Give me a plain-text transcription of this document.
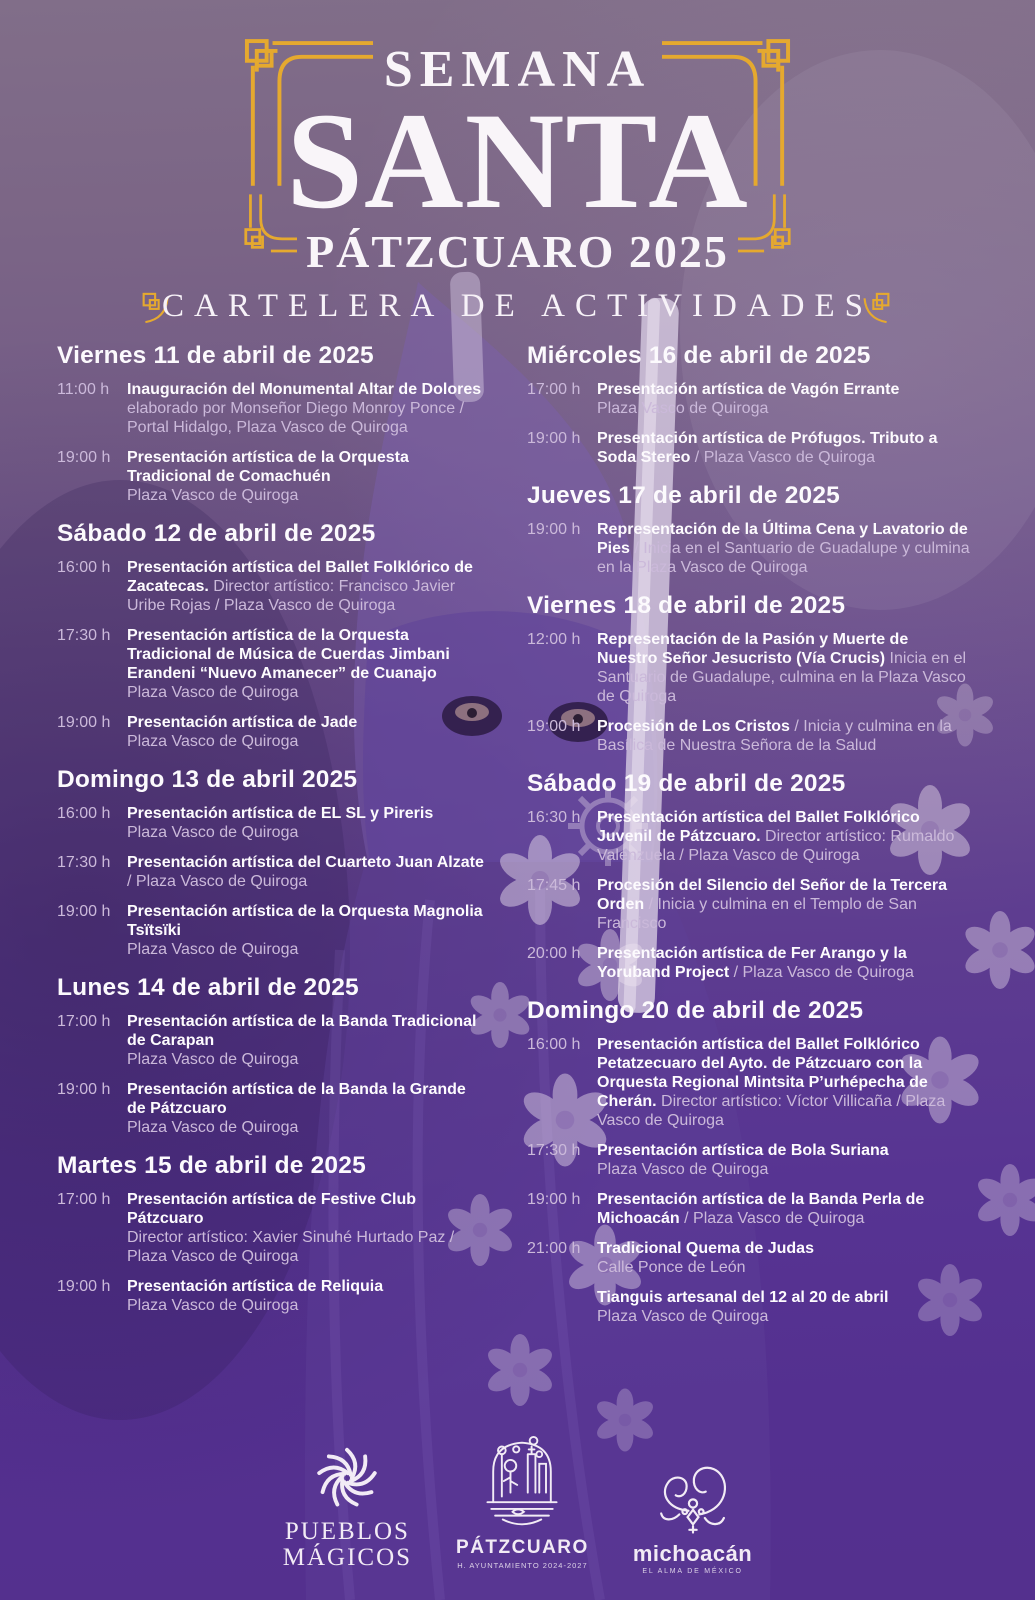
SEMANA
SANTA
PÁTZCUARO 2025
CARTELERA DE ACTIVIDADES
Viernes 11 de abril de 2025
11:00 h	Inauguración del Monumental Altar de Dolores elaborado por Monseñor Diego Monroy Ponce / Portal Hidalgo, Plaza Vasco de Quiroga
19:00 h	Presentación artística de la Orquesta Tradicional de Comachuén
Plaza Vasco de Quiroga
Sábado 12 de abril de 2025
16:00 h	Presentación artística del Ballet Folklórico de Zacatecas. Director artístico: Francisco Javier Uribe Rojas / Plaza Vasco de Quiroga
17:30 h	Presentación artística de la Orquesta Tradicional de Música de Cuerdas Jimbani Erandeni “Nuevo Amanecer” de Cuanajo
Plaza Vasco de Quiroga
19:00 h	Presentación artística de Jade
Plaza Vasco de Quiroga
Domingo 13 de abril 2025
16:00 h	Presentación artística de EL SL y Pireris
Plaza Vasco de Quiroga
17:30 h	Presentación artística del Cuarteto Juan Alzate / Plaza Vasco de Quiroga
19:00 h	Presentación artística de la Orquesta Magnolia Tsïtsïki
Plaza Vasco de Quiroga
Lunes 14 de abril de 2025
17:00 h	Presentación artística de la Banda Tradicional de Carapan
Plaza Vasco de Quiroga
19:00 h	Presentación artística de la Banda la Grande de Pátzcuaro
Plaza Vasco de Quiroga
Martes 15 de abril de 2025
17:00 h	Presentación artística de Festive Club Pátzcuaro
Director artístico: Xavier Sinuhé Hurtado Paz / Plaza Vasco de Quiroga
19:00 h	Presentación artística de Reliquia
Plaza Vasco de Quiroga
Miércoles 16 de abril de 2025
17:00 h	Presentación artística de Vagón Errante
Plaza Vasco de Quiroga
19:00 h	Presentación artística de Prófugos. Tributo a Soda Stereo / Plaza Vasco de Quiroga
Jueves 17 de abril de 2025
19:00 h	Representación de la Última Cena y Lavatorio de Pies / Inicia en el Santuario de Guadalupe y culmina en la Plaza Vasco de Quiroga
Viernes 18 de abril de 2025
12:00 h	Representación de la Pasión y Muerte de Nuestro Señor Jesucristo (Vía Crucis) Inicia en el Santuario de Guadalupe, culmina en la Plaza Vasco de Quiroga
19:00 h	Procesión de Los Cristos / Inicia y culmina en la Basílica de Nuestra Señora de la Salud
Sábado 19 de abril de 2025
16:30 h	Presentación artística del Ballet Folklórico Juvenil de Pátzcuaro. Director artístico: Rumaldo Valenzuela / Plaza Vasco de Quiroga
17:45 h	Procesión del Silencio del Señor de la Tercera Orden / Inicia y culmina en el Templo de San Francisco
20:00 h	Presentación artística de Fer Arango y la Yoruband Project / Plaza Vasco de Quiroga
Domingo 20 de abril de 2025
16:00 h	Presentación artística del Ballet Folklórico Petatzecuaro del Ayto. de Pátzcuaro con la Orquesta Regional Mintsita P’urhépecha de Cherán. Director artístico: Víctor Villicaña / Plaza Vasco de Quiroga
17:30 h	Presentación artística de Bola Suriana
Plaza Vasco de Quiroga
19:00 h	Presentación artística de la Banda Perla de Michoacán / Plaza Vasco de Quiroga
21:00 h	Tradicional Quema de Judas
Calle Ponce de León
Tianguis artesanal del 12 al 20 de abril
Plaza Vasco de Quiroga
PUEBLOS
MÁGICOS PÁTZCUARO
H. AYUNTAMIENTO 2024-2027 michoacán
EL ALMA DE MÉXICO
